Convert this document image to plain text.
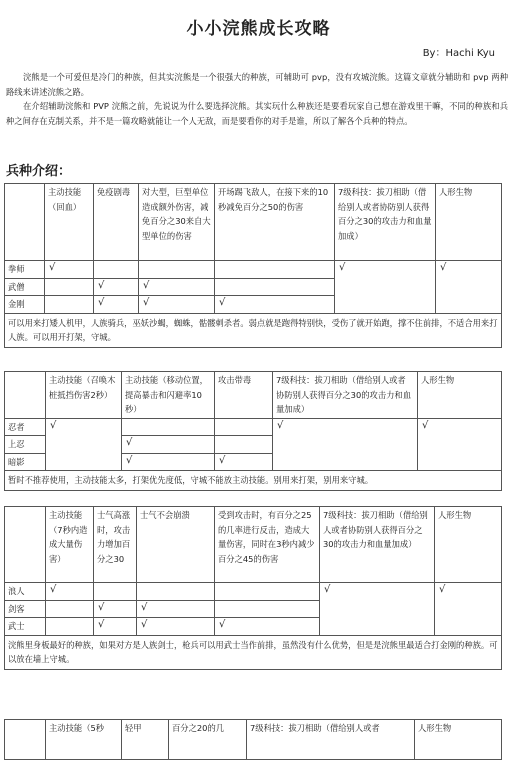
小小浣熊成长攻略
By：Hachi Kyu
浣熊是一个可爱但是冷门的种族，但其实浣熊是一个很强大的种族，可辅助可 pvp，没有攻城浣熊。这篇文章就分辅助和 pvp 两种路线来讲述浣熊之路。
在介绍辅助浣熊和 PVP 浣熊之前，先说说为什么要选择浣熊。其实玩什么种族还是要看玩家自己想在游戏里干嘛，不同的种族和兵种之间存在克制关系，并不是一篇攻略就能让一个人无敌，而是要看你的对手是谁，所以了解各个兵种的特点。
兵种介绍：
	主动技能（回血）	免疫剧毒	对大型，巨型单位造成额外伤害，减免百分之30来自大型单位的伤害	开场踢飞敌人，在接下来的10秒减免百分之50的伤害	7级科技：拔刀相助（借给别人或者协防别人获得百分之30的攻击力和血量加成）	人形生物
拳师	√				√	√
武僧		√	√			
金刚		√	√	√		
可以用来打矮人机甲，人族骑兵，巫妖沙蝎，蜘蛛，骷髅刺杀者。弱点就是跑得特别快，受伤了就开始跑，撑不住前排，不适合用来打人族。可以用开打架，守城。						
	主动技能（召唤木桩抵挡伤害2秒）	主动技能（移动位置，提高暴击和闪避率10秒）	攻击带毒	7级科技：拔刀相助（借给别人或者协防别人获得百分之30的攻击力和血量加成）	人形生物
忍者	√			√	√
上忍		√			
暗影		√	√		
暂时不推荐使用，主动技能太多，打架优先度低，守城不能放主动技能。别用来打架，别用来守城。					
	主动技能（7秒内造成大量伤害）	士气高涨时，攻击力增加百分之30	士气不会崩溃	受到攻击时，有百分之25的几率进行反击，造成大量伤害，同时在3秒内减少百分之45的伤害	7级科技：拔刀相助（借给别人或者协防别人获得百分之30的攻击力和血量加成）	人形生物
浪人	√				√	√
剑客		√	√			
武士		√	√	√		
浣熊里身板最好的种族，如果对方是人族剑士，枪兵可以用武士当作前排，虽然没有什么优势，但是是浣熊里最适合打金刚的种族。可以放在墙上守城。						
	主动技能（5秒	轻甲	百分之20的几	7级科技：拔刀相助（借给别人或者	人形生物
